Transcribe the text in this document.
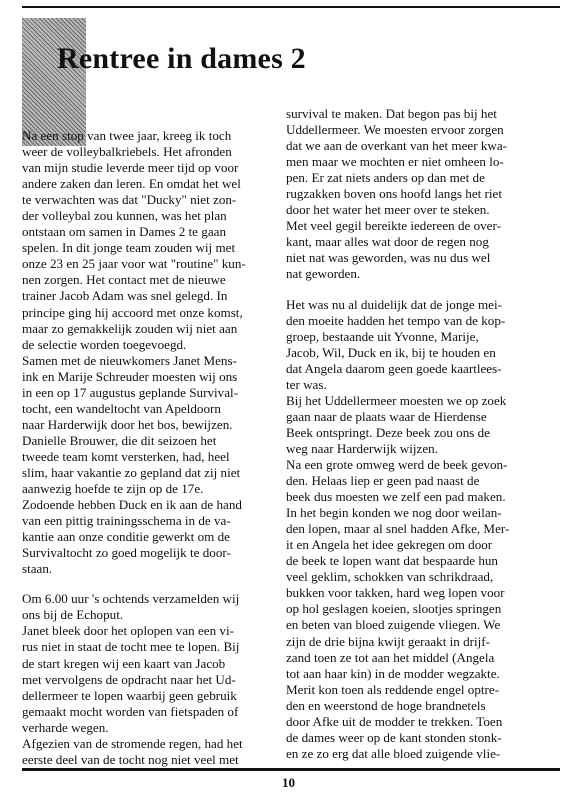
Rentree in dames 2

Na een stop van twee jaar, kreeg ik toch
weer de volleybalkriebels. Het afronden
van mijn studie leverde meer tijd op voor
andere zaken dan leren. En omdat het wel
te verwachten was dat "Ducky" niet zon-
der volleybal zou kunnen, was het plan
ontstaan om samen in Dames 2 te gaan
spelen. In dit jonge team zouden wij met
onze 23 en 25 jaar voor wat "routine" kun-
nen zorgen. Het contact met de nieuwe
trainer Jacob Adam was snel gelegd. In
principe ging hij accoord met onze komst,
maar zo gemakkelijk zouden wij niet aan
de selectie worden toegevoegd.
Samen met de nieuwkomers Janet Mens-
ink en Marije Schreuder moesten wij ons
in een op 17 augustus geplande Survival-
tocht, een wandeltocht van Apeldoorn
naar Harderwijk door het bos, bewijzen.
Danielle Brouwer, die dit seizoen het
tweede team komt versterken, had, heel
slim, haar vakantie zo gepland dat zij niet
aanwezig hoefde te zijn op de 17e.
Zodoende hebben Duck en ik aan de hand
van een pittig trainingsschema in de va-
kantie aan onze conditie gewerkt om de
Survivaltocht zo goed mogelijk te door-
staan.

Om 6.00 uur 's ochtends verzamelden wij
ons bij de Echoput.
Janet bleek door het oplopen van een vi-
rus niet in staat de tocht mee te lopen. Bij
de start kregen wij een kaart van Jacob
met vervolgens de opdracht naar het Ud-
dellermeer te lopen waarbij geen gebruik
gemaakt mocht worden van fietspaden of
verharde wegen.
Afgezien van de stromende regen, had het
eerste deel van de tocht nog niet veel met

survival te maken. Dat begon pas bij het
Uddellermeer. We moesten ervoor zorgen
dat we aan de overkant van het meer kwa-
men maar we mochten er niet omheen lo-
pen. Er zat niets anders op dan met de
rugzakken boven ons hoofd langs het riet
door het water het meer over te steken.
Met veel gegil bereikte iedereen de over-
kant, maar alles wat door de regen nog
niet nat was geworden, was nu dus wel
nat geworden.

Het was nu al duidelijk dat de jonge mei-
den moeite hadden het tempo van de kop-
groep, bestaande uit Yvonne, Marije,
Jacob, Wil, Duck en ik, bij te houden en
dat Angela daarom geen goede kaartlees-
ter was.
Bij het Uddellermeer moesten we op zoek
gaan naar de plaats waar de Hierdense
Beek ontspringt. Deze beek zou ons de
weg naar Harderwijk wijzen.
Na een grote omweg werd de beek gevon-
den. Helaas liep er geen pad naast de
beek dus moesten we zelf een pad maken.
In het begin konden we nog door weilan-
den lopen, maar al snel hadden Afke, Mer-
it en Angela het idee gekregen om door
de beek te lopen want dat bespaarde hun
veel geklim, schokken van schrikdraad,
bukken voor takken, hard weg lopen voor
op hol geslagen koeien, slootjes springen
en beten van bloed zuigende vliegen. We
zijn de drie bijna kwijt geraakt in drijf-
zand toen ze tot aan het middel (Angela
tot aan haar kin) in de modder wegzakte.
Merit kon toen als reddende engel optre-
den en weerstond de hoge brandnetels
door Afke uit de modder te trekken. Toen
de dames weer op de kant stonden stonk-
en ze zo erg dat alle bloed zuigende vlie-

10
